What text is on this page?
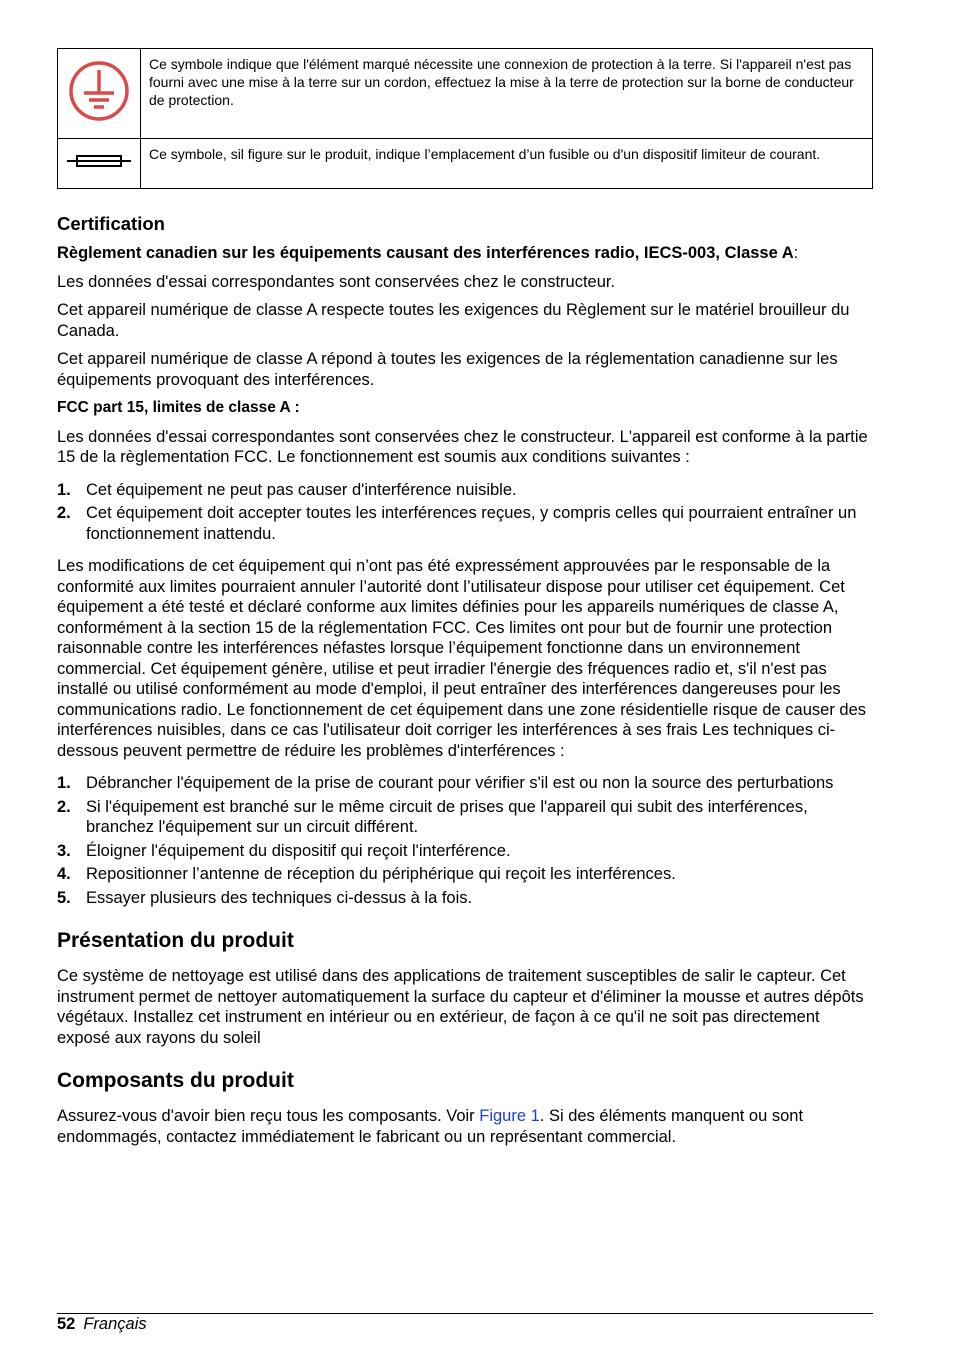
	Ce symbole indique que l'élément marqué nécessite une connexion de protection à la terre. Si l'appareil n'est pas fourni avec une mise à la terre sur un cordon, effectuez la mise à la terre de protection sur la borne de conducteur de protection.
	Ce symbole, sil figure sur le produit, indique l’emplacement d’un fusible ou d'un dispositif limiteur de courant.
Certification

Règlement canadien sur les équipements causant des interférences radio, IECS-003, Classe A:

Les données d'essai correspondantes sont conservées chez le constructeur.

Cet appareil numérique de classe A respecte toutes les exigences du Règlement sur le matériel brouilleur du Canada.

Cet appareil numérique de classe A répond à toutes les exigences de la réglementation canadienne sur les équipements provoquant des interférences.

FCC part 15, limites de classe A :

Les données d'essai correspondantes sont conservées chez le constructeur. L'appareil est conforme à la partie 15 de la règlementation FCC. Le fonctionnement est soumis aux conditions suivantes :

1. Cet équipement ne peut pas causer d'interférence nuisible.
2. Cet équipement doit accepter toutes les interférences reçues, y compris celles qui pourraient entraîner un fonctionnement inattendu.

Les modifications de cet équipement qui n’ont pas été expressément approuvées par le responsable de la conformité aux limites pourraient annuler l’autorité dont l’utilisateur dispose pour utiliser cet équipement. Cet équipement a été testé et déclaré conforme aux limites définies pour les appareils numériques de classe A, conformément à la section 15 de la réglementation FCC. Ces limites ont pour but de fournir une protection raisonnable contre les interférences néfastes lorsque l’équipement fonctionne dans un environnement commercial. Cet équipement génère, utilise et peut irradier l'énergie des fréquences radio et, s'il n'est pas installé ou utilisé conformément au mode d'emploi, il peut entraîner des interférences dangereuses pour les communications radio. Le fonctionnement de cet équipement dans une zone résidentielle risque de causer des interférences nuisibles, dans ce cas l'utilisateur doit corriger les interférences à ses frais Les techniques ci-dessous peuvent permettre de réduire les problèmes d'interférences :

1. Débrancher l'équipement de la prise de courant pour vérifier s'il est ou non la source des perturbations
2. Si l'équipement est branché sur le même circuit de prises que l'appareil qui subit des interférences, branchez l'équipement sur un circuit différent.
3. Éloigner l'équipement du dispositif qui reçoit l'interférence.
4. Repositionner l’antenne de réception du périphérique qui reçoit les interférences.
5. Essayer plusieurs des techniques ci-dessus à la fois.
Présentation du produit

Ce système de nettoyage est utilisé dans des applications de traitement susceptibles de salir le capteur. Cet instrument permet de nettoyer automatiquement la surface du capteur et d'éliminer la mousse et autres dépôts végétaux. Installez cet instrument en intérieur ou en extérieur, de façon à ce qu'il ne soit pas directement exposé aux rayons du soleil

Composants du produit

Assurez-vous d'avoir bien reçu tous les composants. Voir Figure 1. Si des éléments manquent ou sont endommagés, contactez immédiatement le fabricant ou un représentant commercial.

52 Français
